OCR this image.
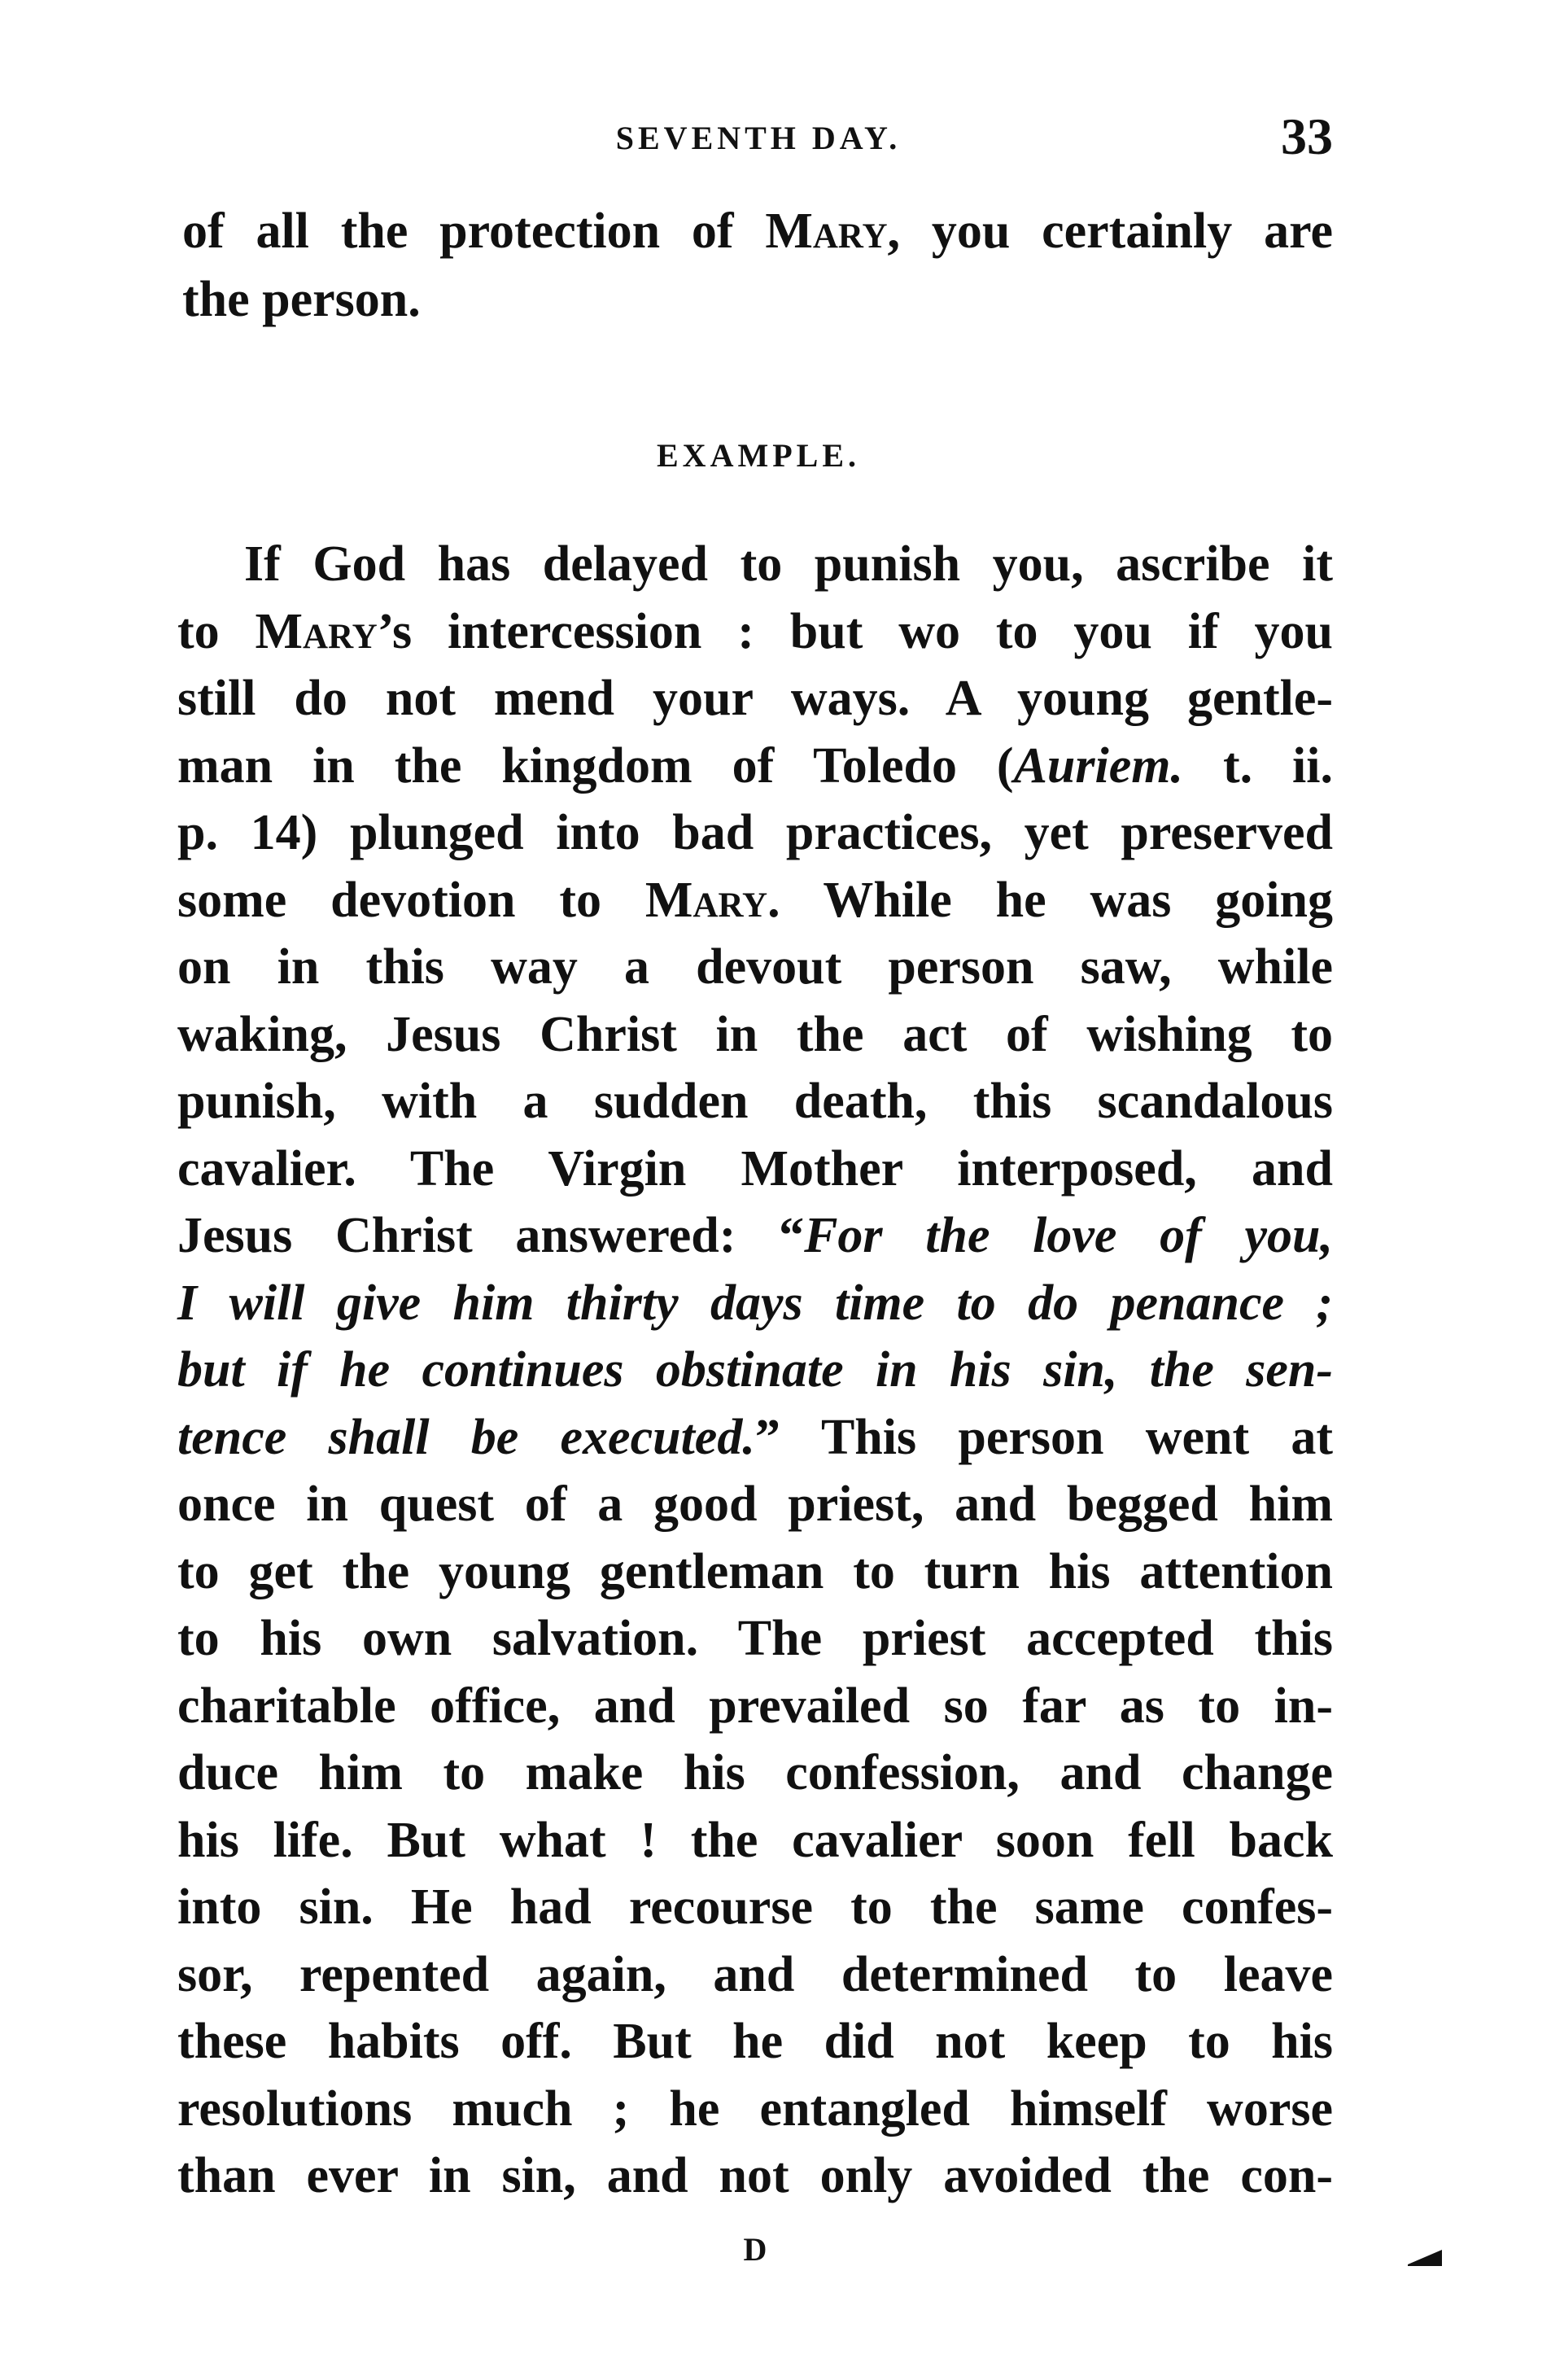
SEVENTH DAY.	33
of all the protection of Mary, you certainly are
the person.
EXAMPLE.
If God has delayed to punish you, ascribe it
to Mary’s intercession : but wo to you if you
still do not mend your ways. A young gentle-
man in the kingdom of Toledo (Auriem. t. ii.
p. 14) plunged into bad practices, yet preserved
some devotion to Mary. While he was going
on in this way a devout person saw, while
waking, Jesus Christ in the act of wishing to
punish, with a sudden death, this scandalous
cavalier. The Virgin Mother interposed, and
Jesus Christ answered: “For the love of you,
I will give him thirty days time to do penance ;
but if he continues obstinate in his sin, the sen-
tence shall be executed.” This person went at
once in quest of a good priest, and begged him
to get the young gentleman to turn his attention
to his own salvation. The priest accepted this
charitable office, and prevailed so far as to in-
duce him to make his confession, and change
his life. But what ! the cavalier soon fell back
into sin. He had recourse to the same confes-
sor, repented again, and determined to leave
these habits off. But he did not keep to his
resolutions much ; he entangled himself worse
than ever in sin, and not only avoided the con-
D
